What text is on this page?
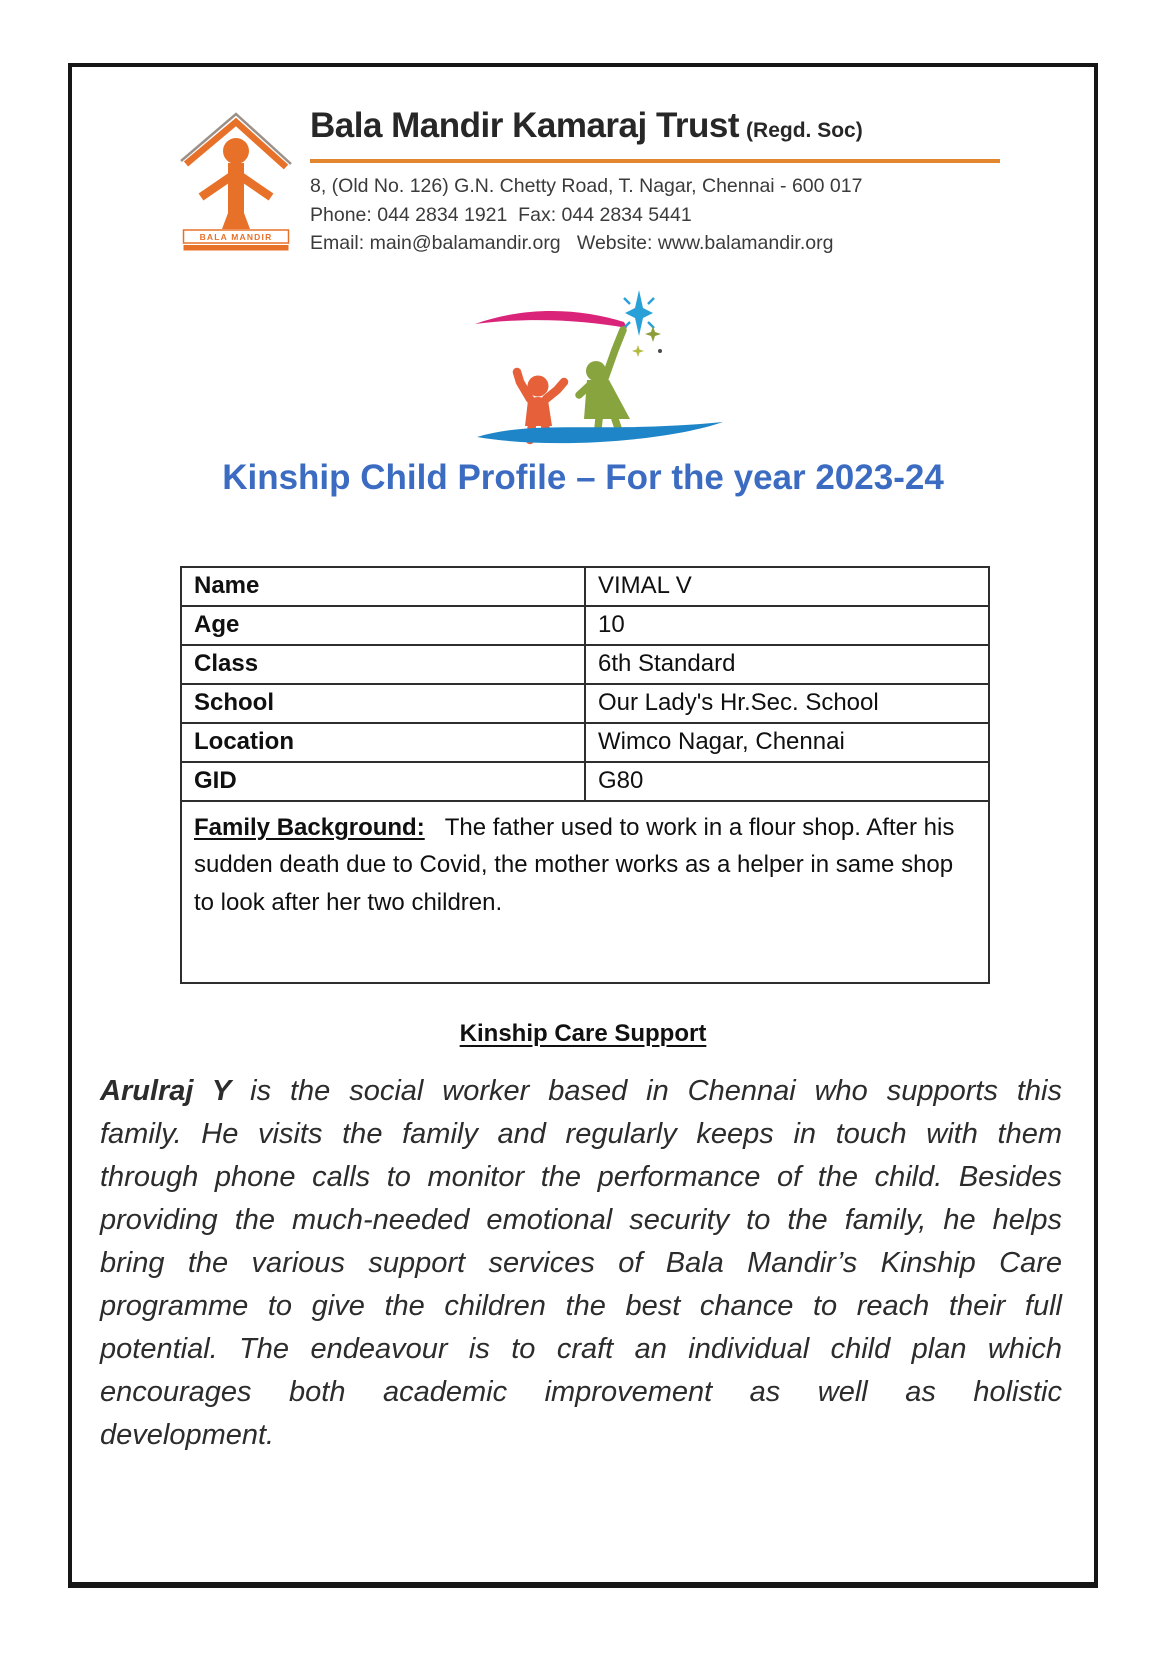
BALA MANDIR
Bala Mandir Kamaraj Trust (Regd. Soc)
8, (Old No. 126) G.N. Chetty Road, T. Nagar, Chennai - 600 017
Phone: 044 2834 1921  Fax: 044 2834 5441
Email: main@balamandir.org   Website: www.balamandir.org
Kinship Child Profile – For the year 2023-24
Name	VIMAL V
Age	10
Class	6th Standard
School	Our Lady's Hr.Sec. School
Location	Wimco Nagar, Chennai
GID	G80
Family Background: The father used to work in a flour shop. After his sudden death due to Covid, the mother works as a helper in same shop to look after her two children.	
Kinship Care Support

Arulraj Y is the social worker based in Chennai who supports this family. He visits the family and regularly keeps in touch with them through phone calls to monitor the performance of the child. Besides providing the much-needed emotional security to the family, he helps bring the various support services of Bala Mandir’s Kinship Care programme to give the children the best chance to reach their full potential. The endeavour is to craft an individual child plan which encourages both academic improvement as well as holistic development.
